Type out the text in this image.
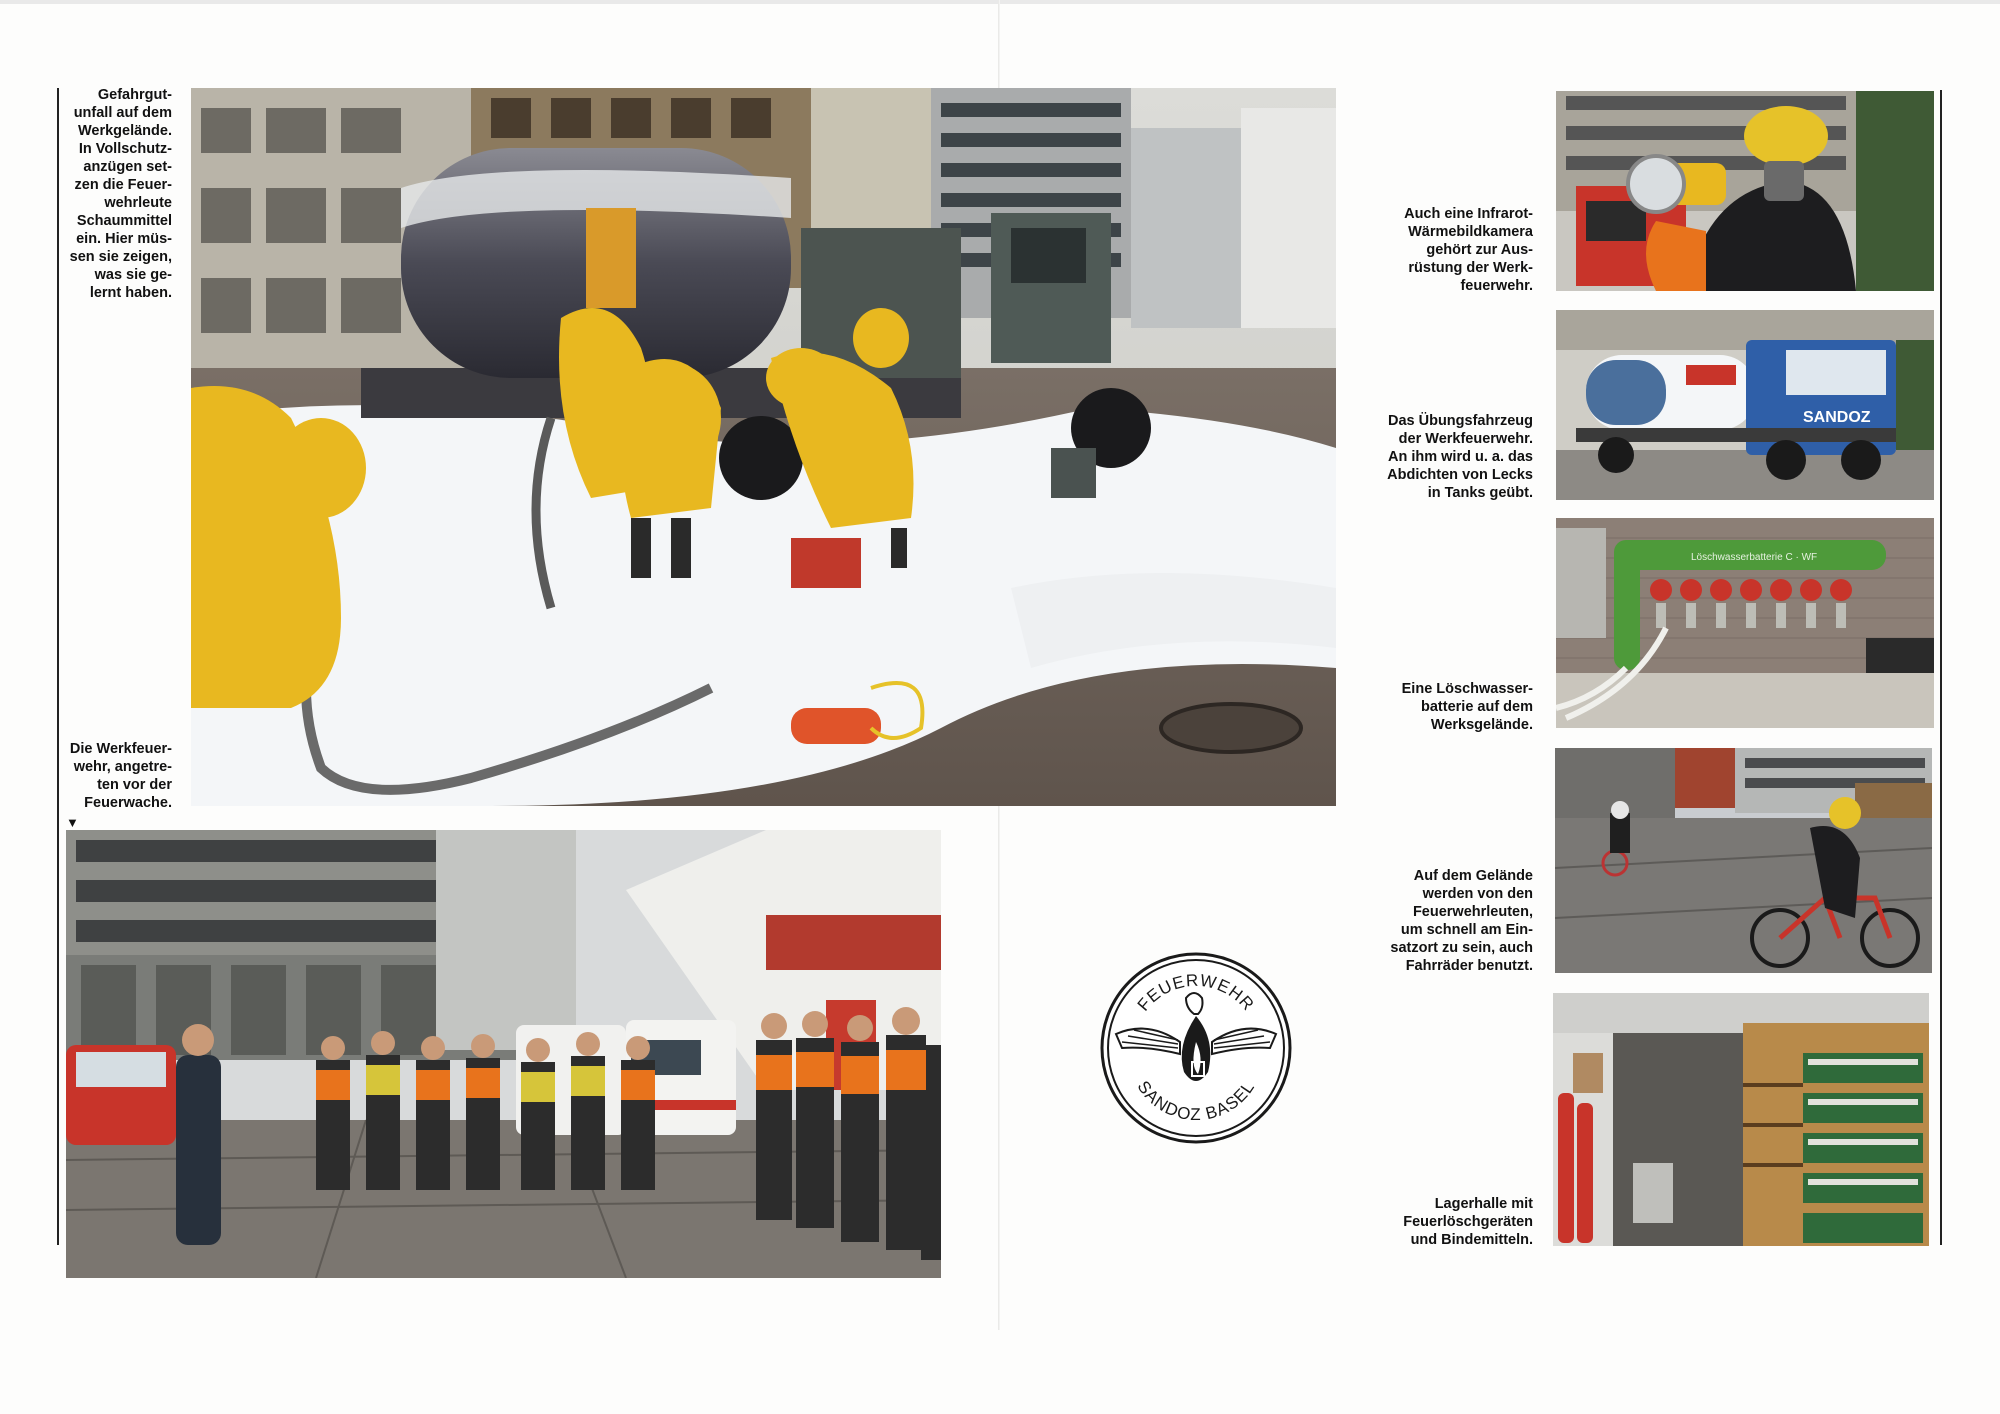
Gefahrgut-
unfall auf dem
Werkgelände.
In Vollschutz-
anzügen set-
zen die Feuer-
wehrleute
Schaummittel
ein. Hier müs-
sen sie zeigen,
was sie ge-
lernt haben.
Die Werkfeuer-
wehr, angetre-
ten vor der
Feuerwache.
▼
Auch eine Infrarot-
Wärmebildkamera
gehört zur Aus-
rüstung der Werk-
feuerwehr.
Das Übungsfahrzeug
der Werkfeuerwehr.
An ihm wird u. a. das
Abdichten von Lecks
in Tanks geübt.
Eine Löschwasser-
batterie auf dem
Werksgelände.
Auf dem Gelände
werden von den
Feuerwehrleuten,
um schnell am Ein-
satzort zu sein, auch
Fahrräder benutzt.
Lagerhalle mit
Feuerlöschgeräten
und Bindemitteln.
SANDOZ
Löschwasserbatterie C · WF
FEUERWEHR
SANDOZ BASEL
